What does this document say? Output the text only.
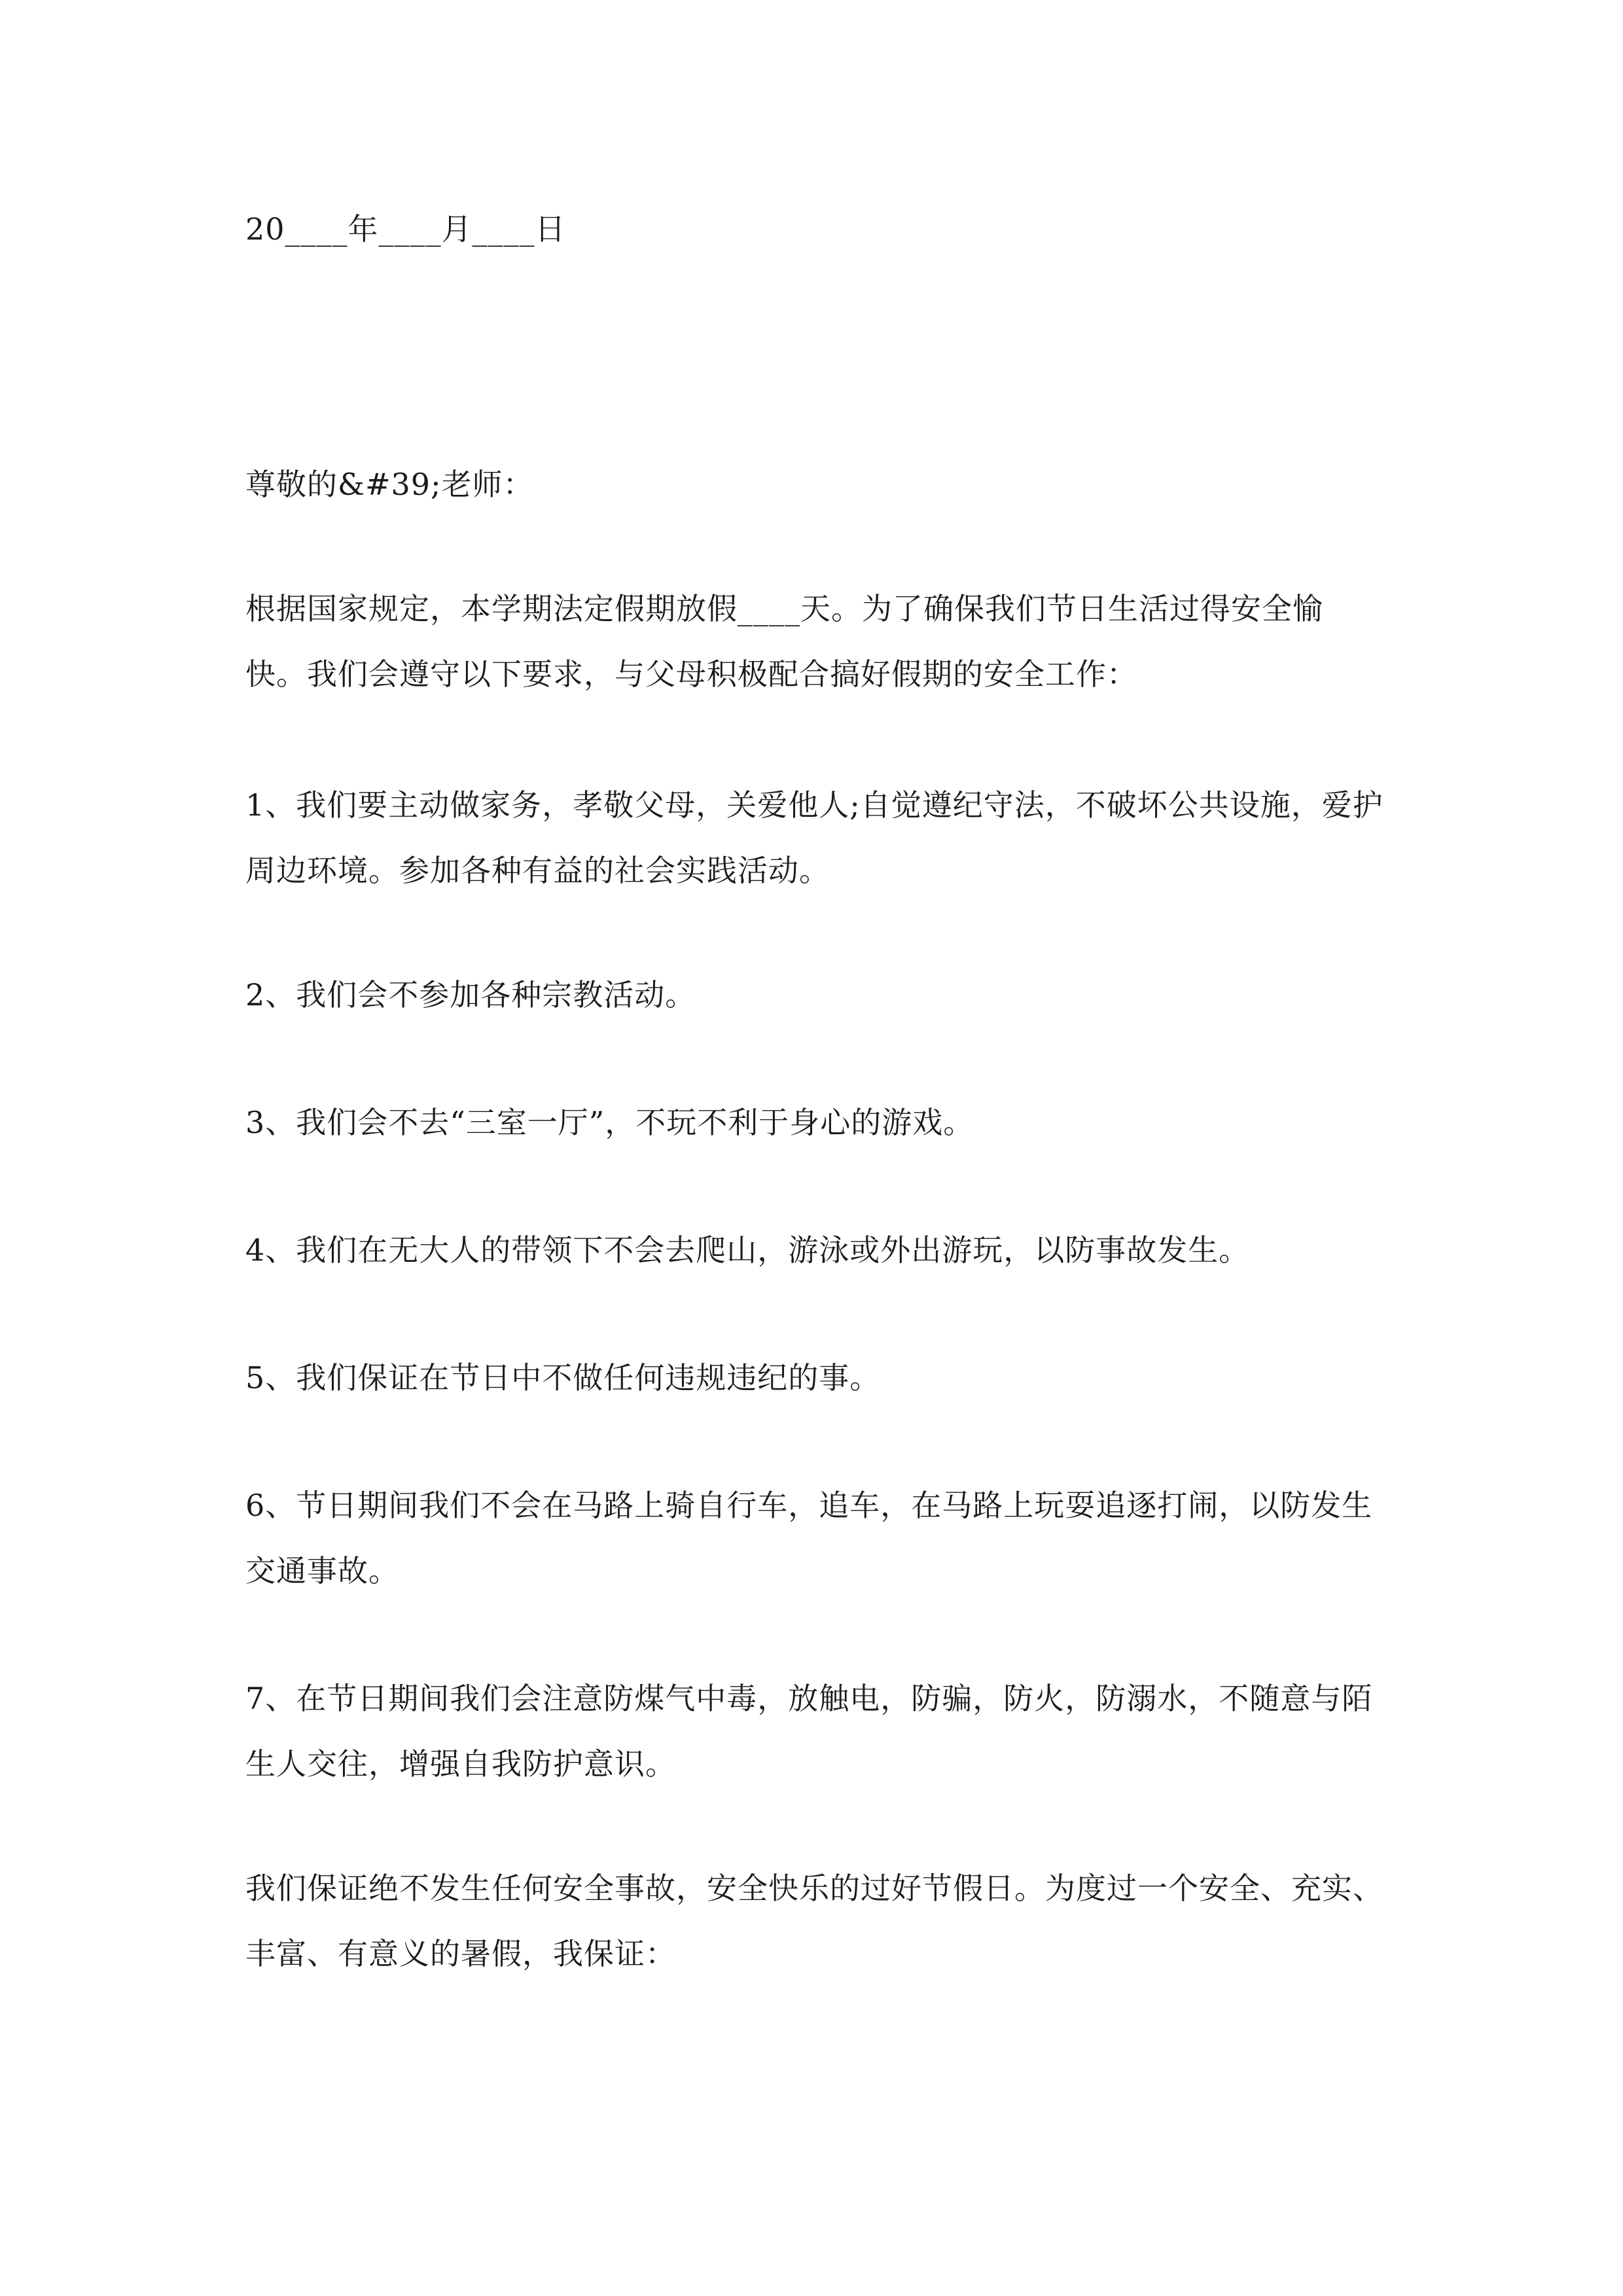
20____年____月____日
尊敬的&#39;老师：

根据国家规定，本学期法定假期放假____天。为了确保我们节日生活过得安全愉快。我们会遵守以下要求，与父母积极配合搞好假期的安全工作：

1、我们要主动做家务，孝敬父母，关爱他人;自觉遵纪守法，不破坏公共设施，爱护周边环境。参加各种有益的社会实践活动。

2、我们会不参加各种宗教活动。

3、我们会不去“三室一厅”，不玩不利于身心的游戏。

4、我们在无大人的带领下不会去爬山，游泳或外出游玩，以防事故发生。

5、我们保证在节日中不做任何违规违纪的事。

6、节日期间我们不会在马路上骑自行车，追车，在马路上玩耍追逐打闹，以防发生交通事故。

7、在节日期间我们会注意防煤气中毒，放触电，防骗，防火，防溺水，不随意与陌生人交往，增强自我防护意识。

我们保证绝不发生任何安全事故，安全快乐的过好节假日。为度过一个安全、充实、丰富、有意义的暑假，我保证：
